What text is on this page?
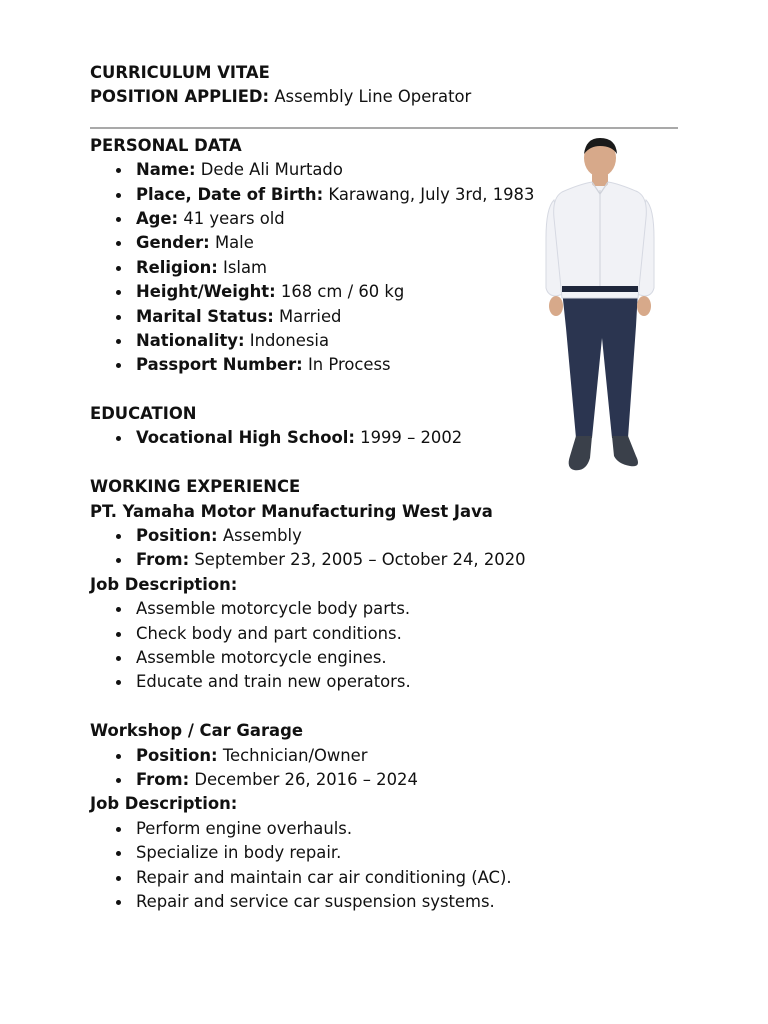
CURRICULUM VITAE
POSITION APPLIED: Assembly Line Operator
PERSONAL DATA
Name: Dede Ali Murtado
Place, Date of Birth: Karawang, July 3rd, 1983
Age: 41 years old
Gender: Male
Religion: Islam
Height/Weight: 168 cm / 60 kg
Marital Status: Married
Nationality: Indonesia
Passport Number: In Process
EDUCATION
Vocational High School: 1999 – 2002
WORKING EXPERIENCE
PT. Yamaha Motor Manufacturing West Java
Position: Assembly
From: September 23, 2005 – October 24, 2020
Job Description:
Assemble motorcycle body parts.
Check body and part conditions.
Assemble motorcycle engines.
Educate and train new operators.
Workshop / Car Garage
Position: Technician/Owner
From: December 26, 2016 – 2024
Job Description:
Perform engine overhauls.
Specialize in body repair.
Repair and maintain car air conditioning (AC).
Repair and service car suspension systems.
